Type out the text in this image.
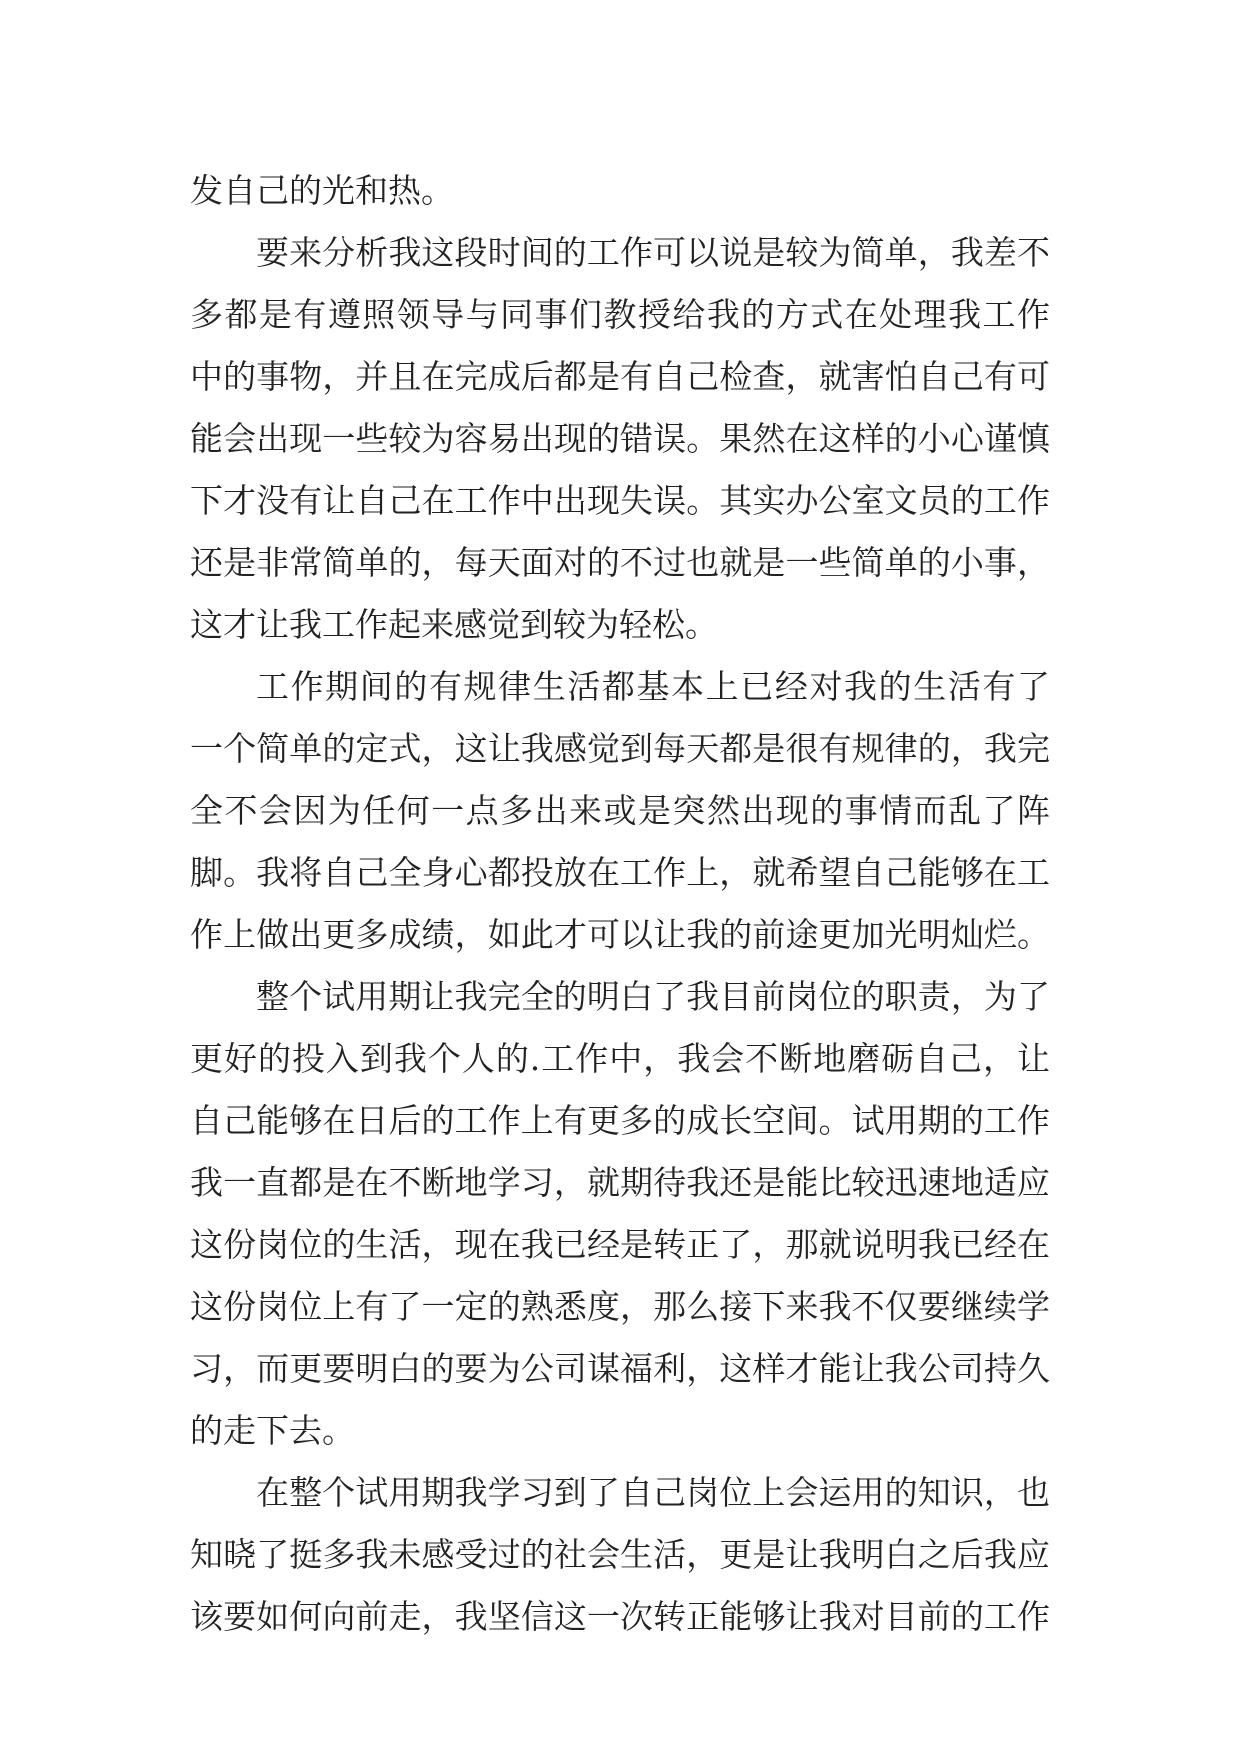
发自己的光和热。
要来分析我这段时间的工作可以说是较为简单，我差不
多都是有遵照领导与同事们教授给我的方式在处理我工作
中的事物，并且在完成后都是有自己检查，就害怕自己有可
能会出现一些较为容易出现的错误。果然在这样的小心谨慎
下才没有让自己在工作中出现失误。其实办公室文员的工作
还是非常简单的，每天面对的不过也就是一些简单的小事，
这才让我工作起来感觉到较为轻松。
工作期间的有规律生活都基本上已经对我的生活有了
一个简单的定式，这让我感觉到每天都是很有规律的，我完
全不会因为任何一点多出来或是突然出现的事情而乱了阵
脚。我将自己全身心都投放在工作上，就希望自己能够在工
作上做出更多成绩，如此才可以让我的前途更加光明灿烂。
整个试用期让我完全的明白了我目前岗位的职责，为了
更好的投入到我个人的.工作中，我会不断地磨砺自己，让
自己能够在日后的工作上有更多的成长空间。试用期的工作
我一直都是在不断地学习，就期待我还是能比较迅速地适应
这份岗位的生活，现在我已经是转正了，那就说明我已经在
这份岗位上有了一定的熟悉度，那么接下来我不仅要继续学
习，而更要明白的要为公司谋福利，这样才能让我公司持久
的走下去。
在整个试用期我学习到了自己岗位上会运用的知识，也
知晓了挺多我未感受过的社会生活，更是让我明白之后我应
该要如何向前走，我坚信这一次转正能够让我对目前的工作
